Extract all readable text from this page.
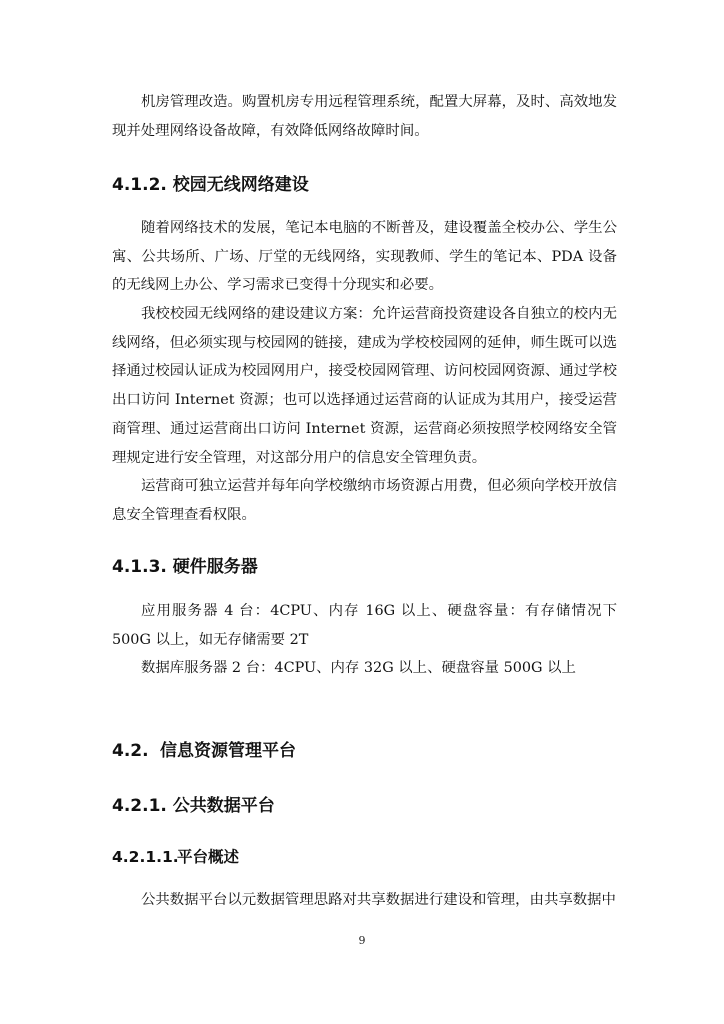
机房管理改造。购置机房专用远程管理系统，配置大屏幕，及时、高效地发现并处理网络设备故障，有效降低网络故障时间。

4.1.2. 校园无线网络建设

随着网络技术的发展，笔记本电脑的不断普及，建设覆盖全校办公、学生公寓、公共场所、广场、厅堂的无线网络，实现教师、学生的笔记本、PDA 设备的无线网上办公、学习需求已变得十分现实和必要。

我校校园无线网络的建设建议方案：允许运营商投资建设各自独立的校内无线网络，但必须实现与校园网的链接，建成为学校校园网的延伸，师生既可以选择通过校园认证成为校园网用户，接受校园网管理、访问校园网资源、通过学校出口访问 Internet 资源；也可以选择通过运营商的认证成为其用户，接受运营商管理、通过运营商出口访问 Internet 资源，运营商必须按照学校网络安全管理规定进行安全管理，对这部分用户的信息安全管理负责。

运营商可独立运营并每年向学校缴纳市场资源占用费，但必须向学校开放信息安全管理查看权限。

4.1.3. 硬件服务器

应用服务器 4 台：4CPU、内存 16G 以上、硬盘容量：有存储情况下 500G 以上，如无存储需要 2T

数据库服务器 2 台：4CPU、内存 32G 以上、硬盘容量 500G 以上

4.2. 信息资源管理平台
4.2.1. 公共数据平台
4.2.1.1.平台概述

公共数据平台以元数据管理思路对共享数据进行建设和管理，由共享数据中

9
